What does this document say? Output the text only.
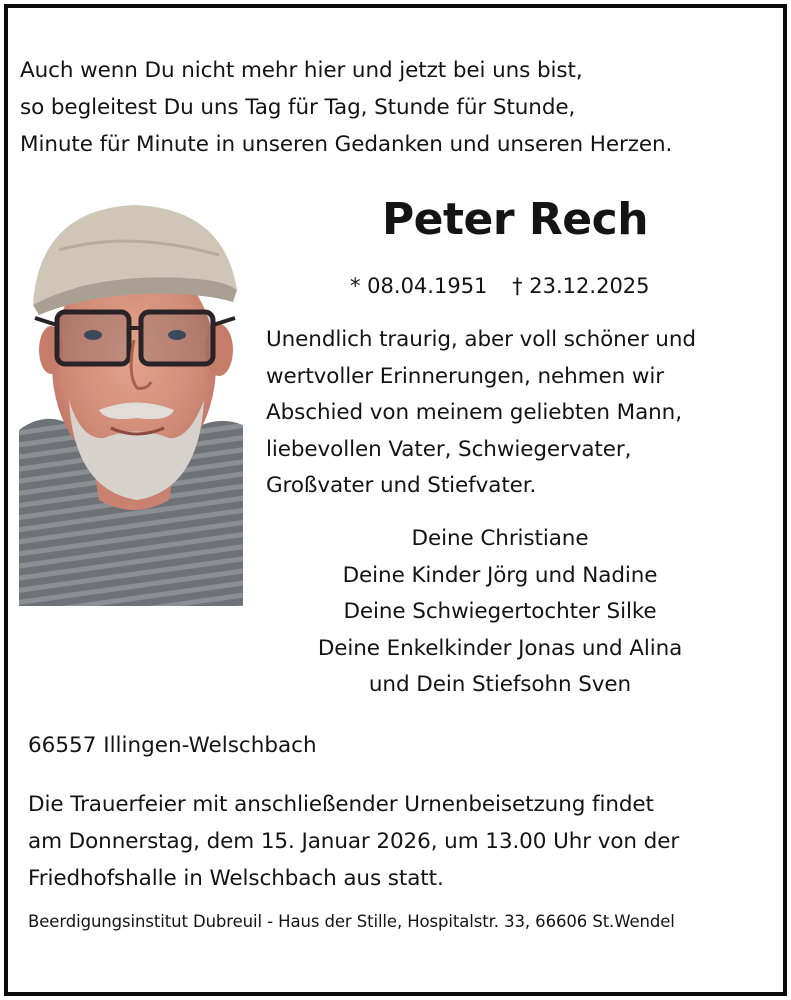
Auch wenn Du nicht mehr hier und jetzt bei uns bist,
so begleitest Du uns Tag für Tag, Stunde für Stunde,
Minute für Minute in unseren Gedanken und unseren Herzen.
Peter Rech
* 08.04.1951 † 23.12.2025
Unendlich traurig, aber voll schöner und
wertvoller Erinnerungen, nehmen wir
Abschied von meinem geliebten Mann,
liebevollen Vater, Schwiegervater,
Großvater und Stiefvater.
Deine Christiane
Deine Kinder Jörg und Nadine
Deine Schwiegertochter Silke
Deine Enkelkinder Jonas und Alina
und Dein Stiefsohn Sven
66557 Illingen-Welschbach
Die Trauerfeier mit anschließender Urnenbeisetzung findet
am Donnerstag, dem 15. Januar 2026, um 13.00 Uhr von der
Friedhofshalle in Welschbach aus statt.
Beerdigungsinstitut Dubreuil - Haus der Stille, Hospitalstr. 33, 66606 St.Wendel
